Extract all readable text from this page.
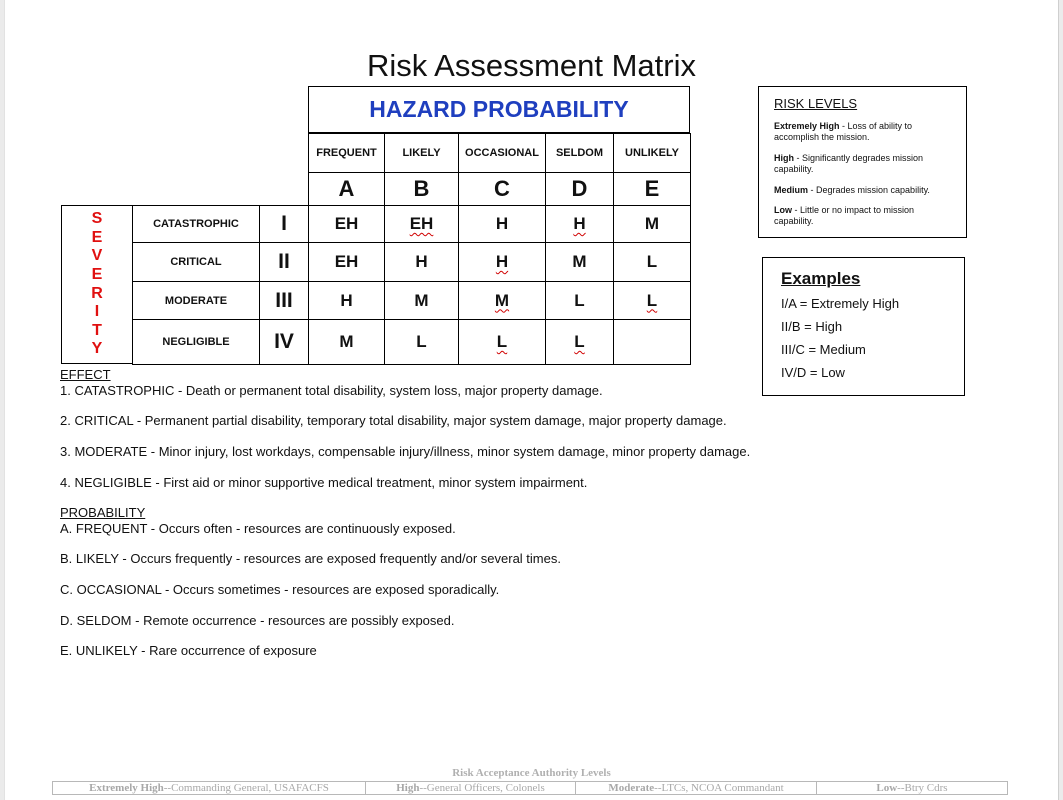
Risk Assessment Matrix
HAZARD PROBABILITY
FREQUENT	LIKELY	OCCASIONAL	SELDOM	UNLIKELY
A	B	C	D	E
S
E
V
E
R
I
T
Y
CATASTROPHIC	I	EH	EH	H	H	M
CRITICAL	II	EH	H	H	M	L
MODERATE	III	H	M	M	L	L
NEGLIGIBLE	IV	M	L	L	L
RISK LEVELS
Extremely High - Loss of ability to accomplish the mission.
High - Significantly degrades mission capability.
Medium - Degrades mission capability.
Low - Little or no impact to mission capability.
Examples
I/A = Extremely High
II/B = High
III/C = Medium
IV/D = Low
EFFECT
1. CATASTROPHIC - Death or permanent total disability, system loss, major property damage.
2. CRITICAL - Permanent partial disability, temporary total disability, major system damage, major property damage.
3. MODERATE - Minor injury, lost workdays, compensable injury/illness, minor system damage, minor property damage.
4. NEGLIGIBLE - First aid or minor supportive medical treatment, minor system impairment.
PROBABILITY
A. FREQUENT - Occurs often - resources are continuously exposed.
B. LIKELY - Occurs frequently - resources are exposed frequently and/or several times.
C. OCCASIONAL - Occurs sometimes - resources are exposed sporadically.
D. SELDOM - Remote occurrence - resources are possibly exposed.
E. UNLIKELY - Rare occurrence of exposure
Risk Acceptance Authority Levels
Extremely High --Commanding General, USAFACFS	High --General Officers, Colonels	Moderate --LTCs, NCOA Commandant	Low --Btry Cdrs
